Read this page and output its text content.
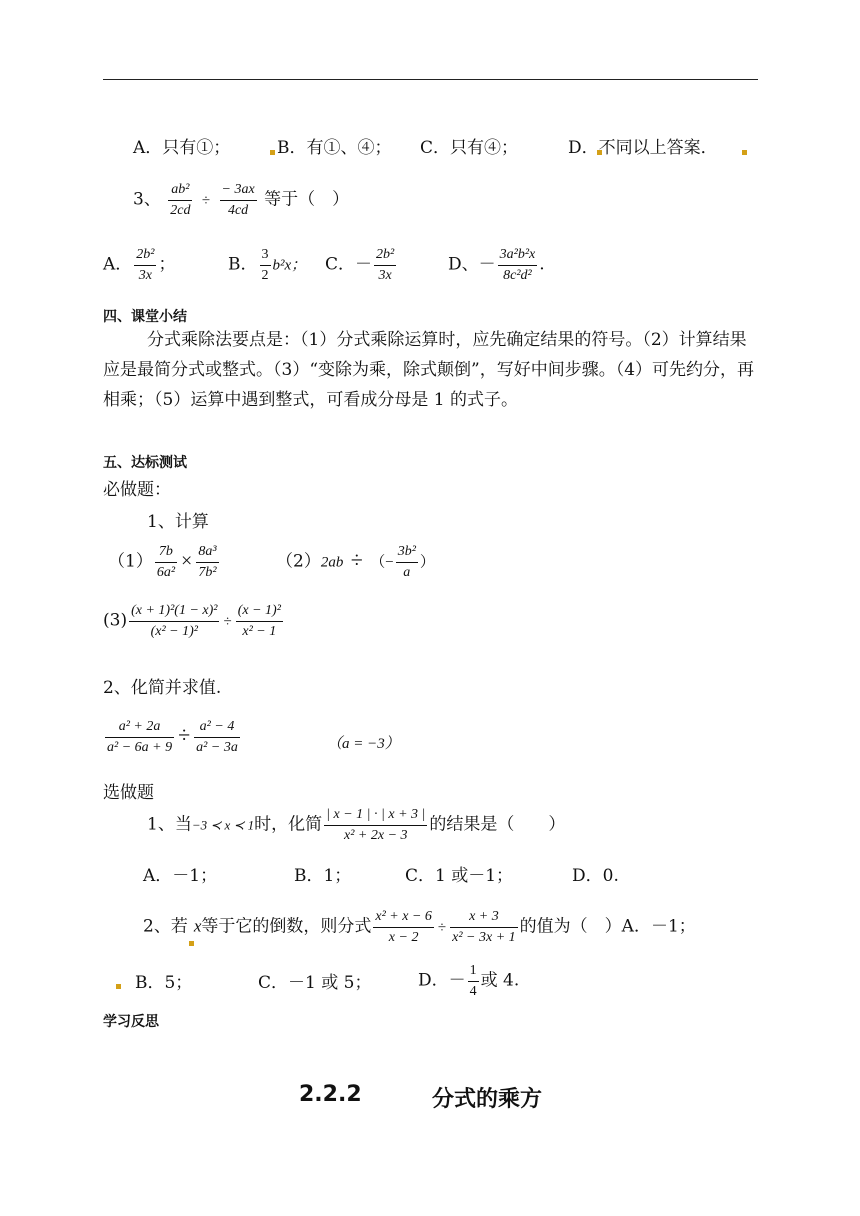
A．只有①；	B．有①、④； C．只有④；	D．不同以上答案．
3、 $\frac{\text{ab²}}{2cd} \div \frac{- 3ax}{4cd}$ 等于（　）
A． $\frac{\text{2b²}}{3x}$ ；	B． $\frac{3}{2} b^2x$； C．－ $\frac{\text{2b²}}{3x}$	D、－ $\frac{\text{3a²b²x}}{\text{8c²d²}}$ .
四、课堂小结
分式乘除法要点是：（1）分式乘除运算时，应先确定结果的符号。（2）计算结果应是最简分式或整式。（3）“变除为乘，除式颠倒”，写好中间步骤。（4）可先约分，再相乘；（5）运算中遇到整式，可看成分母是 1 的式子。
五、达标测试
必做题：
1、计算
$(1) \frac{7b}{\text{6a²}} \times \frac{\text{8a³}}{\text{7b²}}$	（2）2ab ÷ （− $\frac{\text{3b²}}{a}$ ）
$(3) \frac{\text{(x + 1)²(1 − x)²}}{\text{(x² − 1)²}} \div \frac{\text{(x − 1)²}}{\text{x² − 1}}$
2、化简并求值.
$\frac{\text{a² + 2a}}{\text{a² − 6a + 9}} \div \frac{\text{a² − 4}}{\text{a² − 3a}}$	（a = −3）
选做题
1、当−3 ≺ x ≺ 1时，化简 $\frac{| x - 1 | \cdot | x + 3 |}{\text{x² + 2x − 3}}$ 的结果是（　　）
A．－1；	B．1；	C．1 或－1；	D．0.
2、若 x等于它的倒数，则分式 $\frac{\text{x² + x − 6}}{x - 2} \div \frac{x + 3}{\text{x² − 3x + 1}}$ 的值为（　）A．－1；
B．5；	C．－1 或 5；	D．－ $\frac{1}{4}$ 或 4.
学习反思
2.2.2	分式的乘方
